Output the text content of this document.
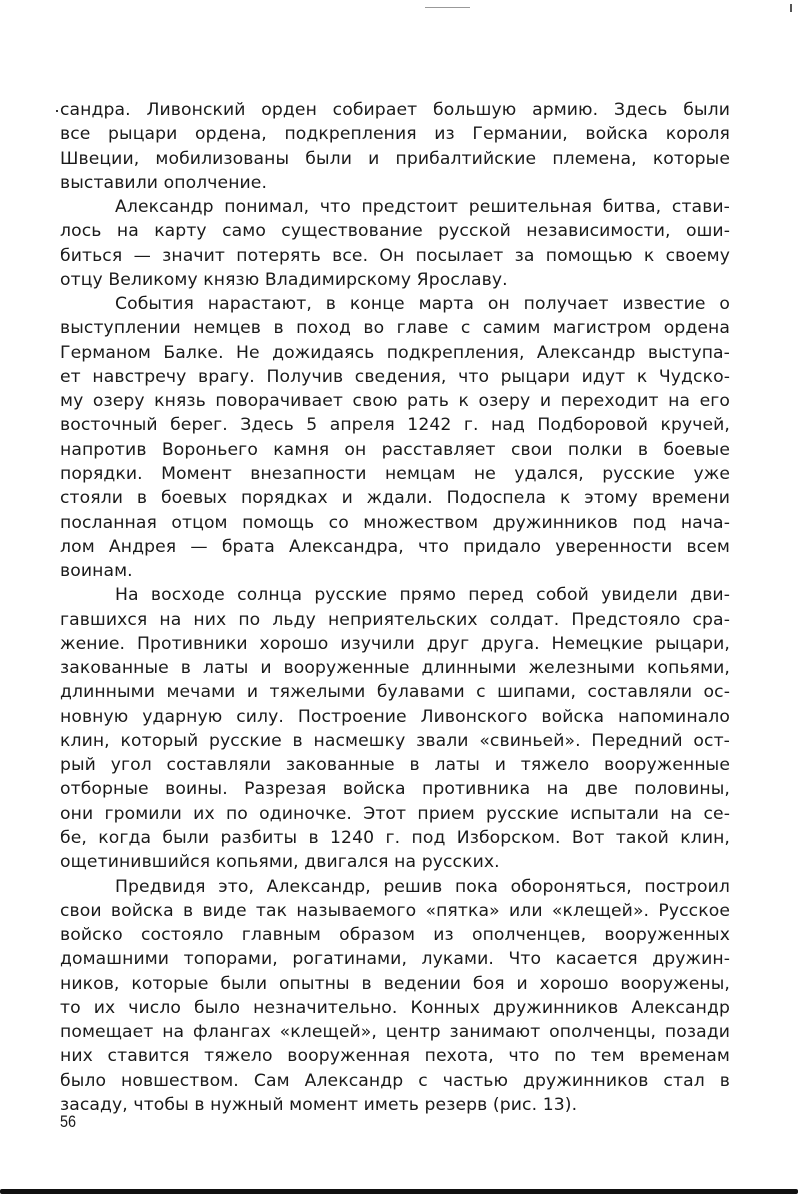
сандра. Ливонский орден собирает большую армию. Здесь были
все рыцари ордена, подкрепления из Германии, войска короля
Швеции, мобилизованы были и прибалтийские племена, которые
выставили ополчение.
Александр понимал, что предстоит решительная битва, стави-
лось на карту само существование русской независимости, оши-
биться — значит потерять все. Он посылает за помощью к своему
отцу Великому князю Владимирскому Ярославу.
События нарастают, в конце марта он получает известие о
выступлении немцев в поход во главе с самим магистром ордена
Германом Балке. Не дожидаясь подкрепления, Александр выступа-
ет навстречу врагу. Получив сведения, что рыцари идут к Чудско-
му озеру князь поворачивает свою рать к озеру и переходит на его
восточный берег. Здесь 5 апреля 1242 г. над Подборовой кручей,
напротив Вороньего камня он расставляет свои полки в боевые
порядки. Момент внезапности немцам не удался, русские уже
стояли в боевых порядках и ждали. Подоспела к этому времени
посланная отцом помощь со множеством дружинников под нача-
лом Андрея — брата Александра, что придало уверенности всем
воинам.
На восходе солнца русские прямо перед собой увидели дви-
гавшихся на них по льду неприятельских солдат. Предстояло сра-
жение. Противники хорошо изучили друг друга. Немецкие рыцари,
закованные в латы и вооруженные длинными железными копьями,
длинными мечами и тяжелыми булавами с шипами, составляли ос-
новную ударную силу. Построение Ливонского войска напоминало
клин, который русские в насмешку звали «свиньей». Передний ост-
рый угол составляли закованные в латы и тяжело вооруженные
отборные воины. Разрезая войска противника на две половины,
они громили их по одиночке. Этот прием русские испытали на се-
бе, когда были разбиты в 1240 г. под Изборском. Вот такой клин,
ощетинившийся копьями, двигался на русских.
Предвидя это, Александр, решив пока обороняться, построил
свои войска в виде так называемого «пятка» или «клещей». Русское
войско состояло главным образом из ополченцев, вооруженных
домашними топорами, рогатинами, луками. Что касается дружин-
ников, которые были опытны в ведении боя и хорошо вооружены,
то их число было незначительно. Конных дружинников Александр
помещает на флангах «клещей», центр занимают ополченцы, позади
них ставится тяжело вооруженная пехота, что по тем временам
было новшеством. Сам Александр с частью дружинников стал в
засаду, чтобы в нужный момент иметь резерв (рис. 13).
56
